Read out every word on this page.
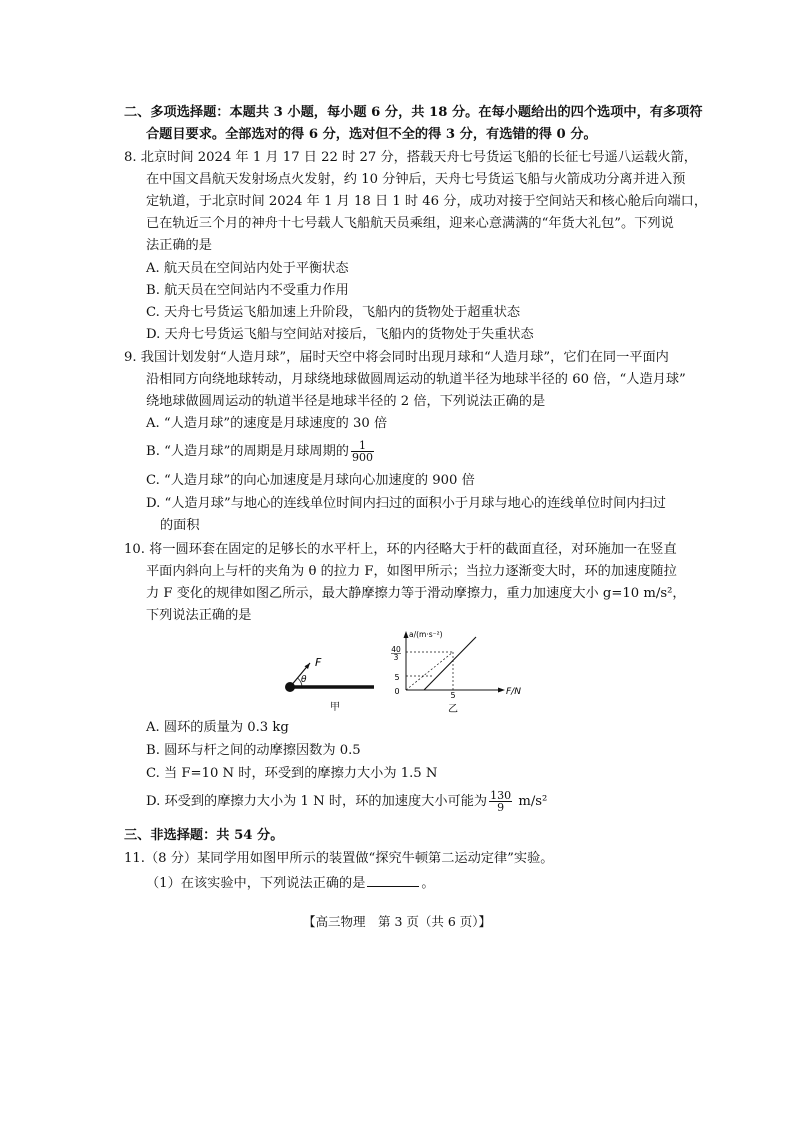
二、多项选择题：本题共 3 小题，每小题 6 分，共 18 分。在每小题给出的四个选项中，有多项符
合题目要求。全部选对的得 6 分，选对但不全的得 3 分，有选错的得 0 分。
8. 北京时间 2024 年 1 月 17 日 22 时 27 分，搭载天舟七号货运飞船的长征七号遥八运载火箭，
在中国文昌航天发射场点火发射，约 10 分钟后，天舟七号货运飞船与火箭成功分离并进入预
定轨道，于北京时间 2024 年 1 月 18 日 1 时 46 分，成功对接于空间站天和核心舱后向端口，
已在轨近三个月的神舟十七号载人飞船航天员乘组，迎来心意满满的“年货大礼包”。下列说
法正确的是
A. 航天员在空间站内处于平衡状态
B. 航天员在空间站内不受重力作用
C. 天舟七号货运飞船加速上升阶段，飞船内的货物处于超重状态
D. 天舟七号货运飞船与空间站对接后，飞船内的货物处于失重状态
9. 我国计划发射“人造月球”，届时天空中将会同时出现月球和“人造月球”，它们在同一平面内
沿相同方向绕地球转动，月球绕地球做圆周运动的轨道半径为地球半径的 60 倍，“人造月球”
绕地球做圆周运动的轨道半径是地球半径的 2 倍，下列说法正确的是
A. “人造月球”的速度是月球速度的 30 倍
B. “人造月球”的周期是月球周期的 $\frac{1}{900}$
C. “人造月球”的向心加速度是月球向心加速度的 900 倍
D. “人造月球”与地心的连线单位时间内扫过的面积小于月球与地心的连线单位时间内扫过
的面积
10. 将一圆环套在固定的足够长的水平杆上，环的内径略大于杆的截面直径，对环施加一在竖直
平面内斜向上与杆的夹角为 θ 的拉力 F，如图甲所示；当拉力逐渐变大时，环的加速度随拉
力 F 变化的规律如图乙所示，最大静摩擦力等于滑动摩擦力，重力加速度大小 g=10 m/s²，
下列说法正确的是
F
θ
甲
a/(m·s⁻²)
F/N
40
3
5
0	5
乙
A. 圆环的质量为 0.3 kg
B. 圆环与杆之间的动摩擦因数为 0.5
C. 当 F=10 N 时，环受到的摩擦力大小为 1.5 N
D. 环受到的摩擦力大小为 1 N 时，环的加速度大小可能为 $\frac{130}{9} m/s^2$
三、非选择题：共 54 分。
11.（8 分）某同学用如图甲所示的装置做“探究牛顿第二运动定律”实验。
（1）在该实验中，下列说法正确的是	。
【高三物理　第 3 页（共 6 页）】
